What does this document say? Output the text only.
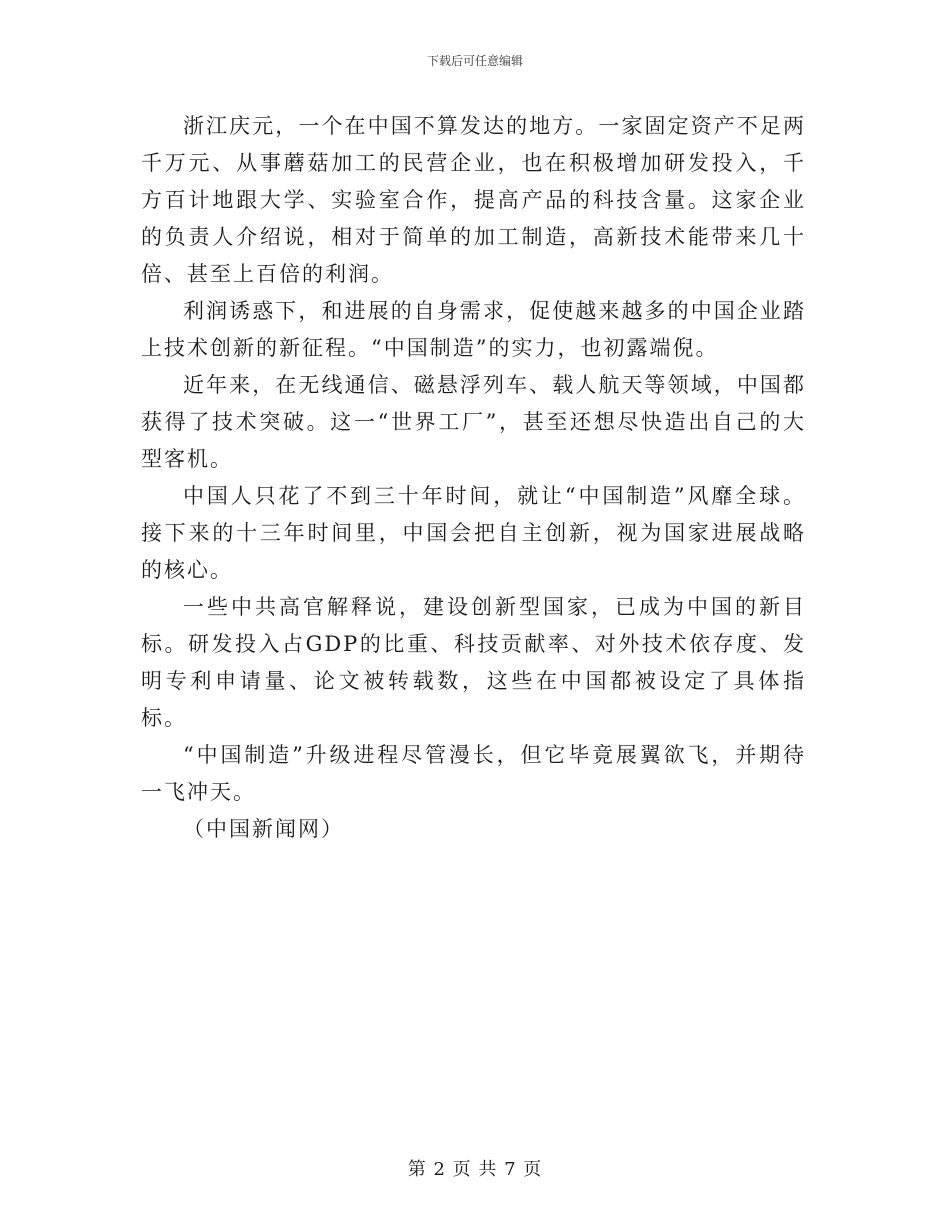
下载后可任意编辑

浙江庆元，一个在中国不算发达的地方。一家固定资产不足两千万元、从事蘑菇加工的民营企业，也在积极增加研发投入，千方百计地跟大学、实验室合作，提高产品的科技含量。这家企业的负责人介绍说，相对于简单的加工制造，高新技术能带来几十倍、甚至上百倍的利润。

利润诱惑下，和进展的自身需求，促使越来越多的中国企业踏上技术创新的新征程。“中国制造”的实力，也初露端倪。

近年来，在无线通信、磁悬浮列车、载人航天等领域，中国都获得了技术突破。这一“世界工厂”，甚至还想尽快造出自己的大型客机。

中国人只花了不到三十年时间，就让“中国制造”风靡全球。接下来的十三年时间里，中国会把自主创新，视为国家进展战略的核心。

一些中共高官解释说，建设创新型国家，已成为中国的新目标。研发投入占GDP的比重、科技贡献率、对外技术依存度、发明专利申请量、论文被转载数，这些在中国都被设定了具体指标。

“中国制造”升级进程尽管漫长，但它毕竟展翼欲飞，并期待一飞冲天。

（中国新闻网）

第 2 页 共 7 页
